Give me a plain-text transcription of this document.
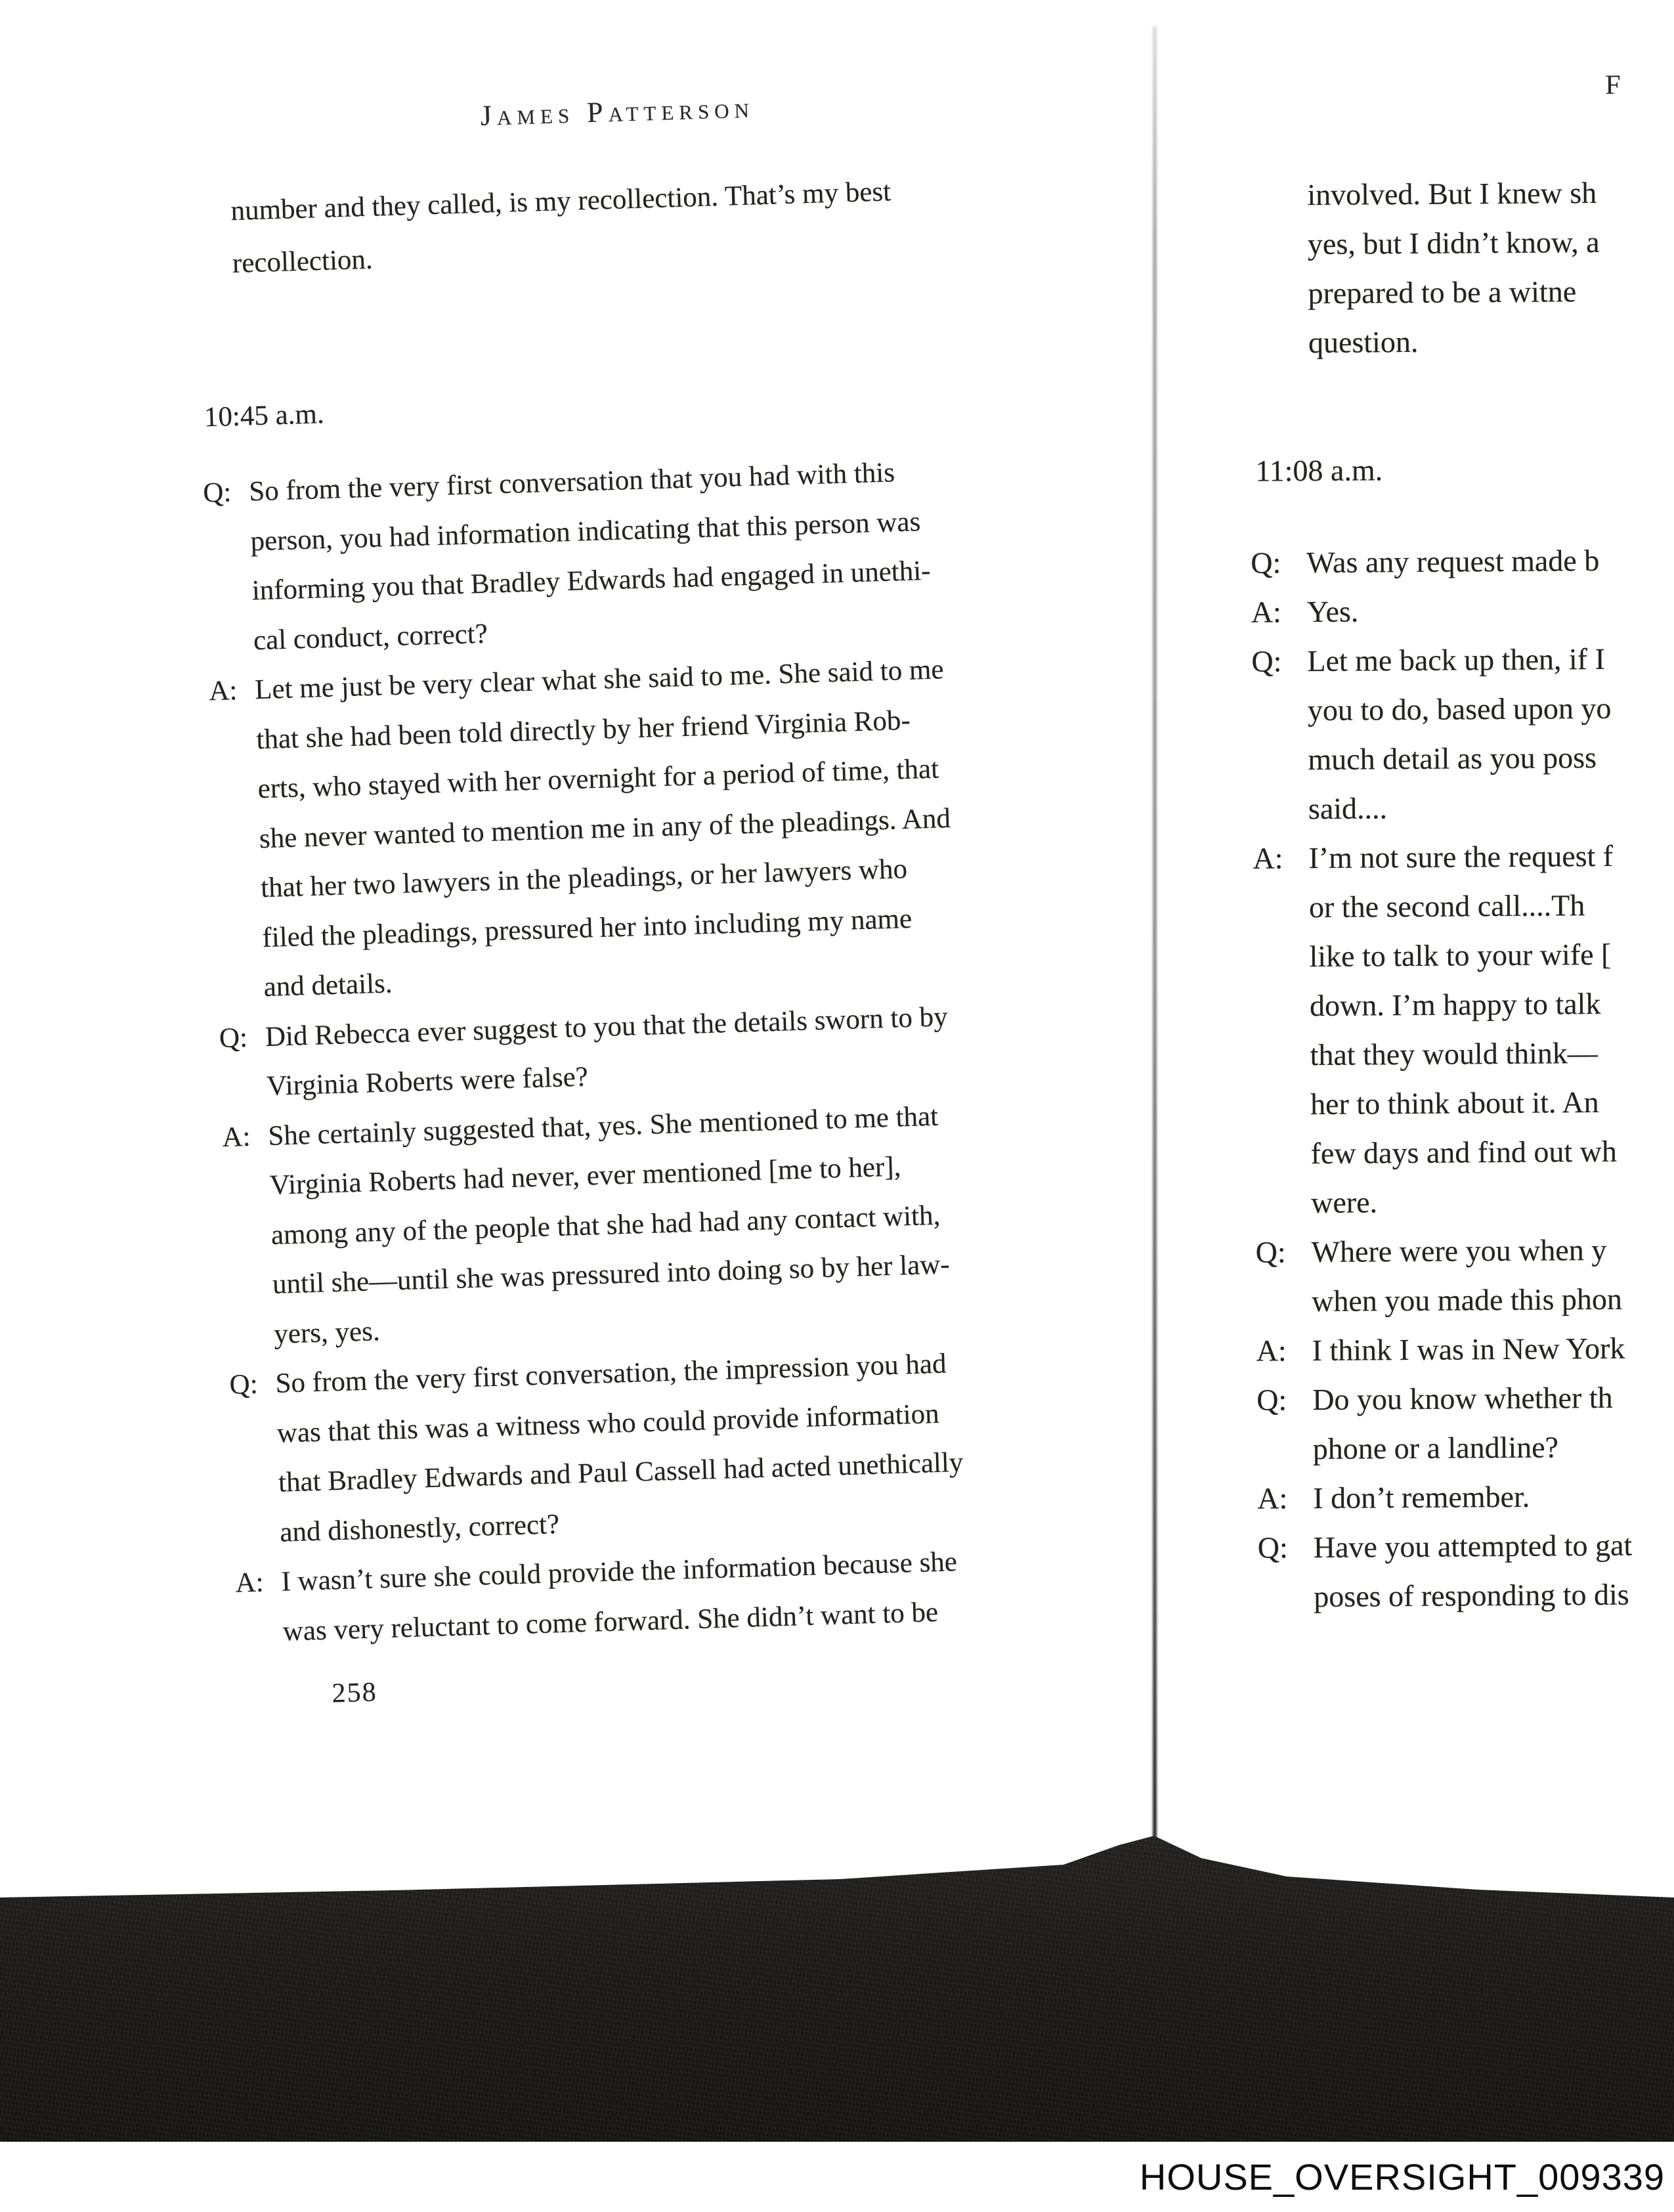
James Patterson
number and they called, is my recollection. That’s my best
recollection.
10:45 a.m.
Q: So from the very first conversation that you had with this
person, you had information indicating that this person was
informing you that Bradley Edwards had engaged in unethi-
cal conduct, correct?
A: Let me just be very clear what she said to me. She said to me
that she had been told directly by her friend Virginia Rob-
erts, who stayed with her overnight for a period of time, that
she never wanted to mention me in any of the pleadings. And
that her two lawyers in the pleadings, or her lawyers who
filed the pleadings, pressured her into including my name
and details.
Q: Did Rebecca ever suggest to you that the details sworn to by
Virginia Roberts were false?
A: She certainly suggested that, yes. She mentioned to me that
Virginia Roberts had never, ever mentioned [me to her],
among any of the people that she had had any contact with,
until she—until she was pressured into doing so by her law-
yers, yes.
Q: So from the very first conversation, the impression you had
was that this was a witness who could provide information
that Bradley Edwards and Paul Cassell had acted unethically
and dishonestly, correct?
A: I wasn’t sure she could provide the information because she
was very reluctant to come forward. She didn’t want to be
258
F
involved. But I knew sh
yes, but I didn’t know, a
prepared to be a witne
question.
11:08 a.m.
Q: Was any request made b
A: Yes.
Q: Let me back up then, if I
you to do, based upon yo
much detail as you poss
said....
A: I’m not sure the request f
or the second call....Th
like to talk to your wife [
down. I’m happy to talk
that they would think—
her to think about it. An
few days and find out wh
were.
Q: Where were you when y
when you made this phon
A: I think I was in New York
Q: Do you know whether th
phone or a landline?
A: I don’t remember.
Q: Have you attempted to gat
poses of responding to dis
HOUSE_OVERSIGHT_009339
